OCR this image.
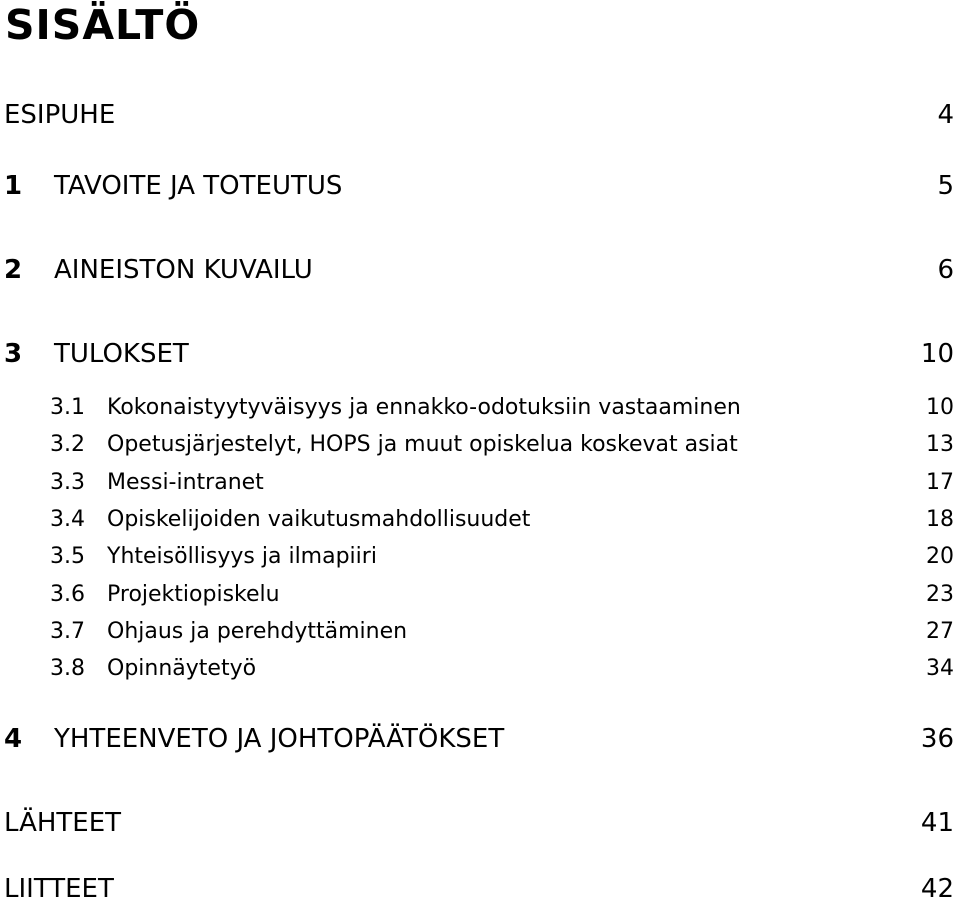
SISÄLTÖ
ESIPUHE	4
1	TAVOITE JA TOTEUTUS	5
2	AINEISTON KUVAILU	6
3	TULOKSET	10
3.1	Kokonaistyytyväisyys ja ennakko-odotuksiin vastaaminen	10
3.2	Opetusjärjestelyt, HOPS ja muut opiskelua koskevat asiat	13
3.3	Messi-intranet	17
3.4	Opiskelijoiden vaikutusmahdollisuudet	18
3.5	Yhteisöllisyys ja ilmapiiri	20
3.6	Projektiopiskelu	23
3.7	Ohjaus ja perehdyttäminen	27
3.8	Opinnäytetyö	34
4	YHTEENVETO JA JOHTOPÄÄTÖKSET	36
LÄHTEET	41
LIITTEET	42
